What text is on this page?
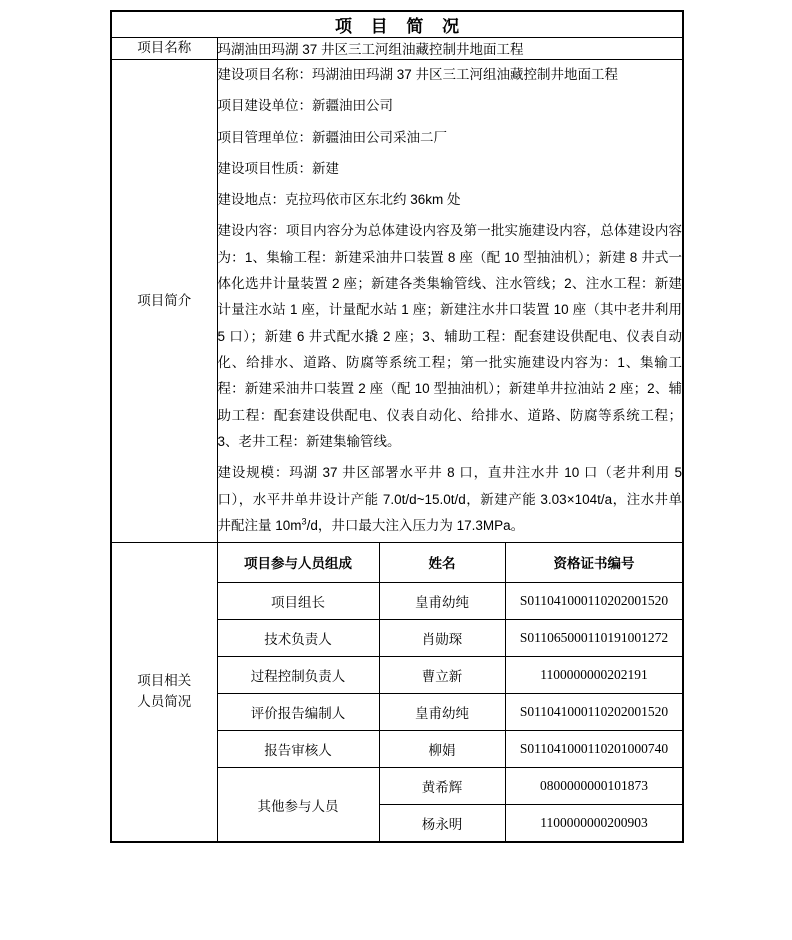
项 目 简 况
项目名称	玛湖油田玛湖 37 井区三工河组油藏控制井地面工程
项目简介	

建设项目名称：玛湖油田玛湖 37 井区三工河组油藏控制井地面工程

项目建设单位：新疆油田公司

项目管理单位：新疆油田公司采油二厂

建设项目性质：新建

建设地点：克拉玛依市区东北约 36km 处

建设内容：项目内容分为总体建设内容及第一批实施建设内容，总体建设内容为：1、集输工程：新建采油井口装置 8 座（配 10 型抽油机）；新建 8 井式一体化选井计量装置 2 座；新建各类集输管线、注水管线；2、注水工程：新建计量注水站 1 座，计量配水站 1 座；新建注水井口装置 10 座（其中老井利用 5 口）；新建 6 井式配水撬 2 座；3、辅助工程：配套建设供配电、仪表自动化、给排水、道路、防腐等系统工程；第一批实施建设内容为：1、集输工程：新建采油井口装置 2 座（配 10 型抽油机）；新建单井拉油站 2 座；2、辅助工程：配套建设供配电、仪表自动化、给排水、道路、防腐等系统工程；3、老井工程：新建集输管线。

建设规模：玛湖 37 井区部署水平井 8 口，直井注水井 10 口（老井利用 5 口），水平井单井设计产能 7.0t/d~15.0t/d，新建产能 3.03×104t/a，注水井单井配注量 $10m^3/d$，井口最大注入压力为 17.3MPa。

项目相关
人员简况

项目参与人员组成	姓名	资格证书编号
项目组长	皇甫幼纯	S011041000110202001520
技术负责人	肖勋琛	S011065000110191001272
过程控制负责人	曹立新	1100000000202191
评价报告编制人	皇甫幼纯	S011041000110202001520
报告审核人	柳娟	S011041000110201000740
其他参与人员	黄希辉	0800000000101873
杨永明	1100000000200903
